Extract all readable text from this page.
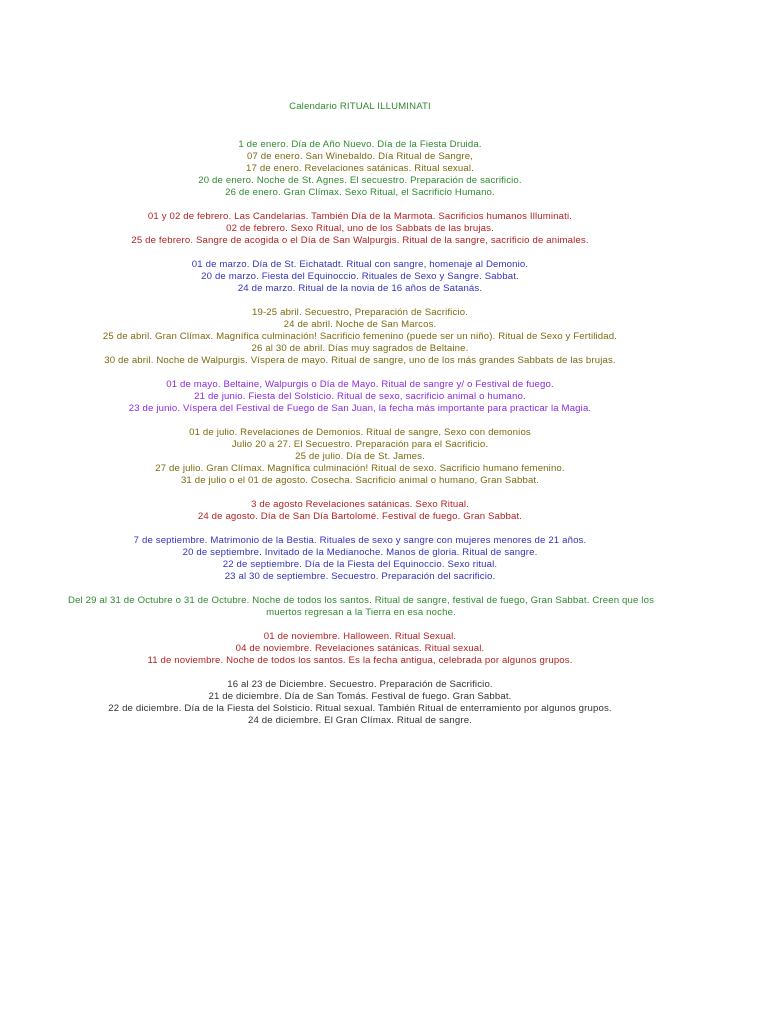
Calendario RITUAL ILLUMINATI
1 de enero. Día de Año Nuevo. Día de la Fiesta Druida.
07 de enero. San Winebaldo. Día Ritual de Sangre,
17 de enero. Revelaciones satánicas. Ritual sexual.
20 de enero. Noche de St. Agnes. El secuestro. Preparación de sacrificio.
26 de enero. Gran Clímax. Sexo Ritual, el Sacrificio Humano.
01 y 02 de febrero. Las Candelarias. También Día de la Marmota. Sacrificios humanos Illuminati.
02 de febrero. Sexo Ritual, uno de los Sabbats de las brujas.
25 de febrero. Sangre de acogida o el Día de San Walpurgis. Ritual de la sangre, sacrificio de animales.
01 de marzo. Día de St. Eichatadt. Ritual con sangre, homenaje al Demonio.
20 de marzo. Fiesta del Equinoccio. Rituales de Sexo y Sangre. Sabbat.
24 de marzo. Ritual de la novia de 16 años de Satanás.
19-25 abril. Secuestro, Preparación de Sacrificio.
24 de abril. Noche de San Marcos.
25 de abril. Gran Clímax. Magnífica culminación! Sacrificio femenino (puede ser un niño). Ritual de Sexo y Fertilidad.
26 al 30 de abril. Días muy sagrados de Beltaine.
30 de abril. Noche de Walpurgis. Víspera de mayo. Ritual de sangre, uno de los más grandes Sabbats de las brujas.
01 de mayo. Beltaine, Walpurgis o Día de Mayo. Ritual de sangre y/ o Festival de fuego.
21 de junio. Fiesta del Solsticio. Ritual de sexo, sacrificio animal o humano.
23 de junio. Víspera del Festival de Fuego de San Juan, la fecha más importante para practicar la Magia.
01 de julio. Revelaciones de Demonios. Ritual de sangre, Sexo con demonios
Julio 20 a 27. El Secuestro. Preparación para el Sacrificio.
25 de julio. Día de St. James.
27 de julio. Gran Clímax. Magnífica culminación! Ritual de sexo. Sacrificio humano femenino.
31 de julio o el 01 de agosto. Cosecha. Sacrificio animal o humano, Gran Sabbat.
3 de agosto Revelaciones satánicas. Sexo Ritual.
24 de agosto. Día de San Día Bartolomé. Festival de fuego. Gran Sabbat.
7 de septiembre. Matrimonio de la Bestia. Rituales de sexo y sangre con mujeres menores de 21 años.
20 de septiembre. Invitado de la Medianoche. Manos de gloria. Ritual de sangre.
22 de septiembre. Día de la Fiesta del Equinoccio. Sexo ritual.
23 al 30 de septiembre. Secuestro. Preparación del sacrificio.
Del 29 al 31 de Octubre o 31 de Octubre. Noche de todos los santos. Ritual de sangre, festival de fuego, Gran Sabbat. Creen que los muertos regresan a la Tierra en esa noche.
01 de noviembre. Halloween. Ritual Sexual.
04 de noviembre. Revelaciones satánicas. Ritual sexual.
11 de noviembre. Noche de todos los santos. Es la fecha antigua, celebrada por algunos grupos.
16 al 23 de Diciembre. Secuestro. Preparación de Sacrificio.
21 de diciembre. Día de San Tomás. Festival de fuego. Gran Sabbat.
22 de diciembre. Día de la Fiesta del Solsticio. Ritual sexual. También Ritual de enterramiento por algunos grupos.
24 de diciembre. El Gran Clímax. Ritual de sangre.
